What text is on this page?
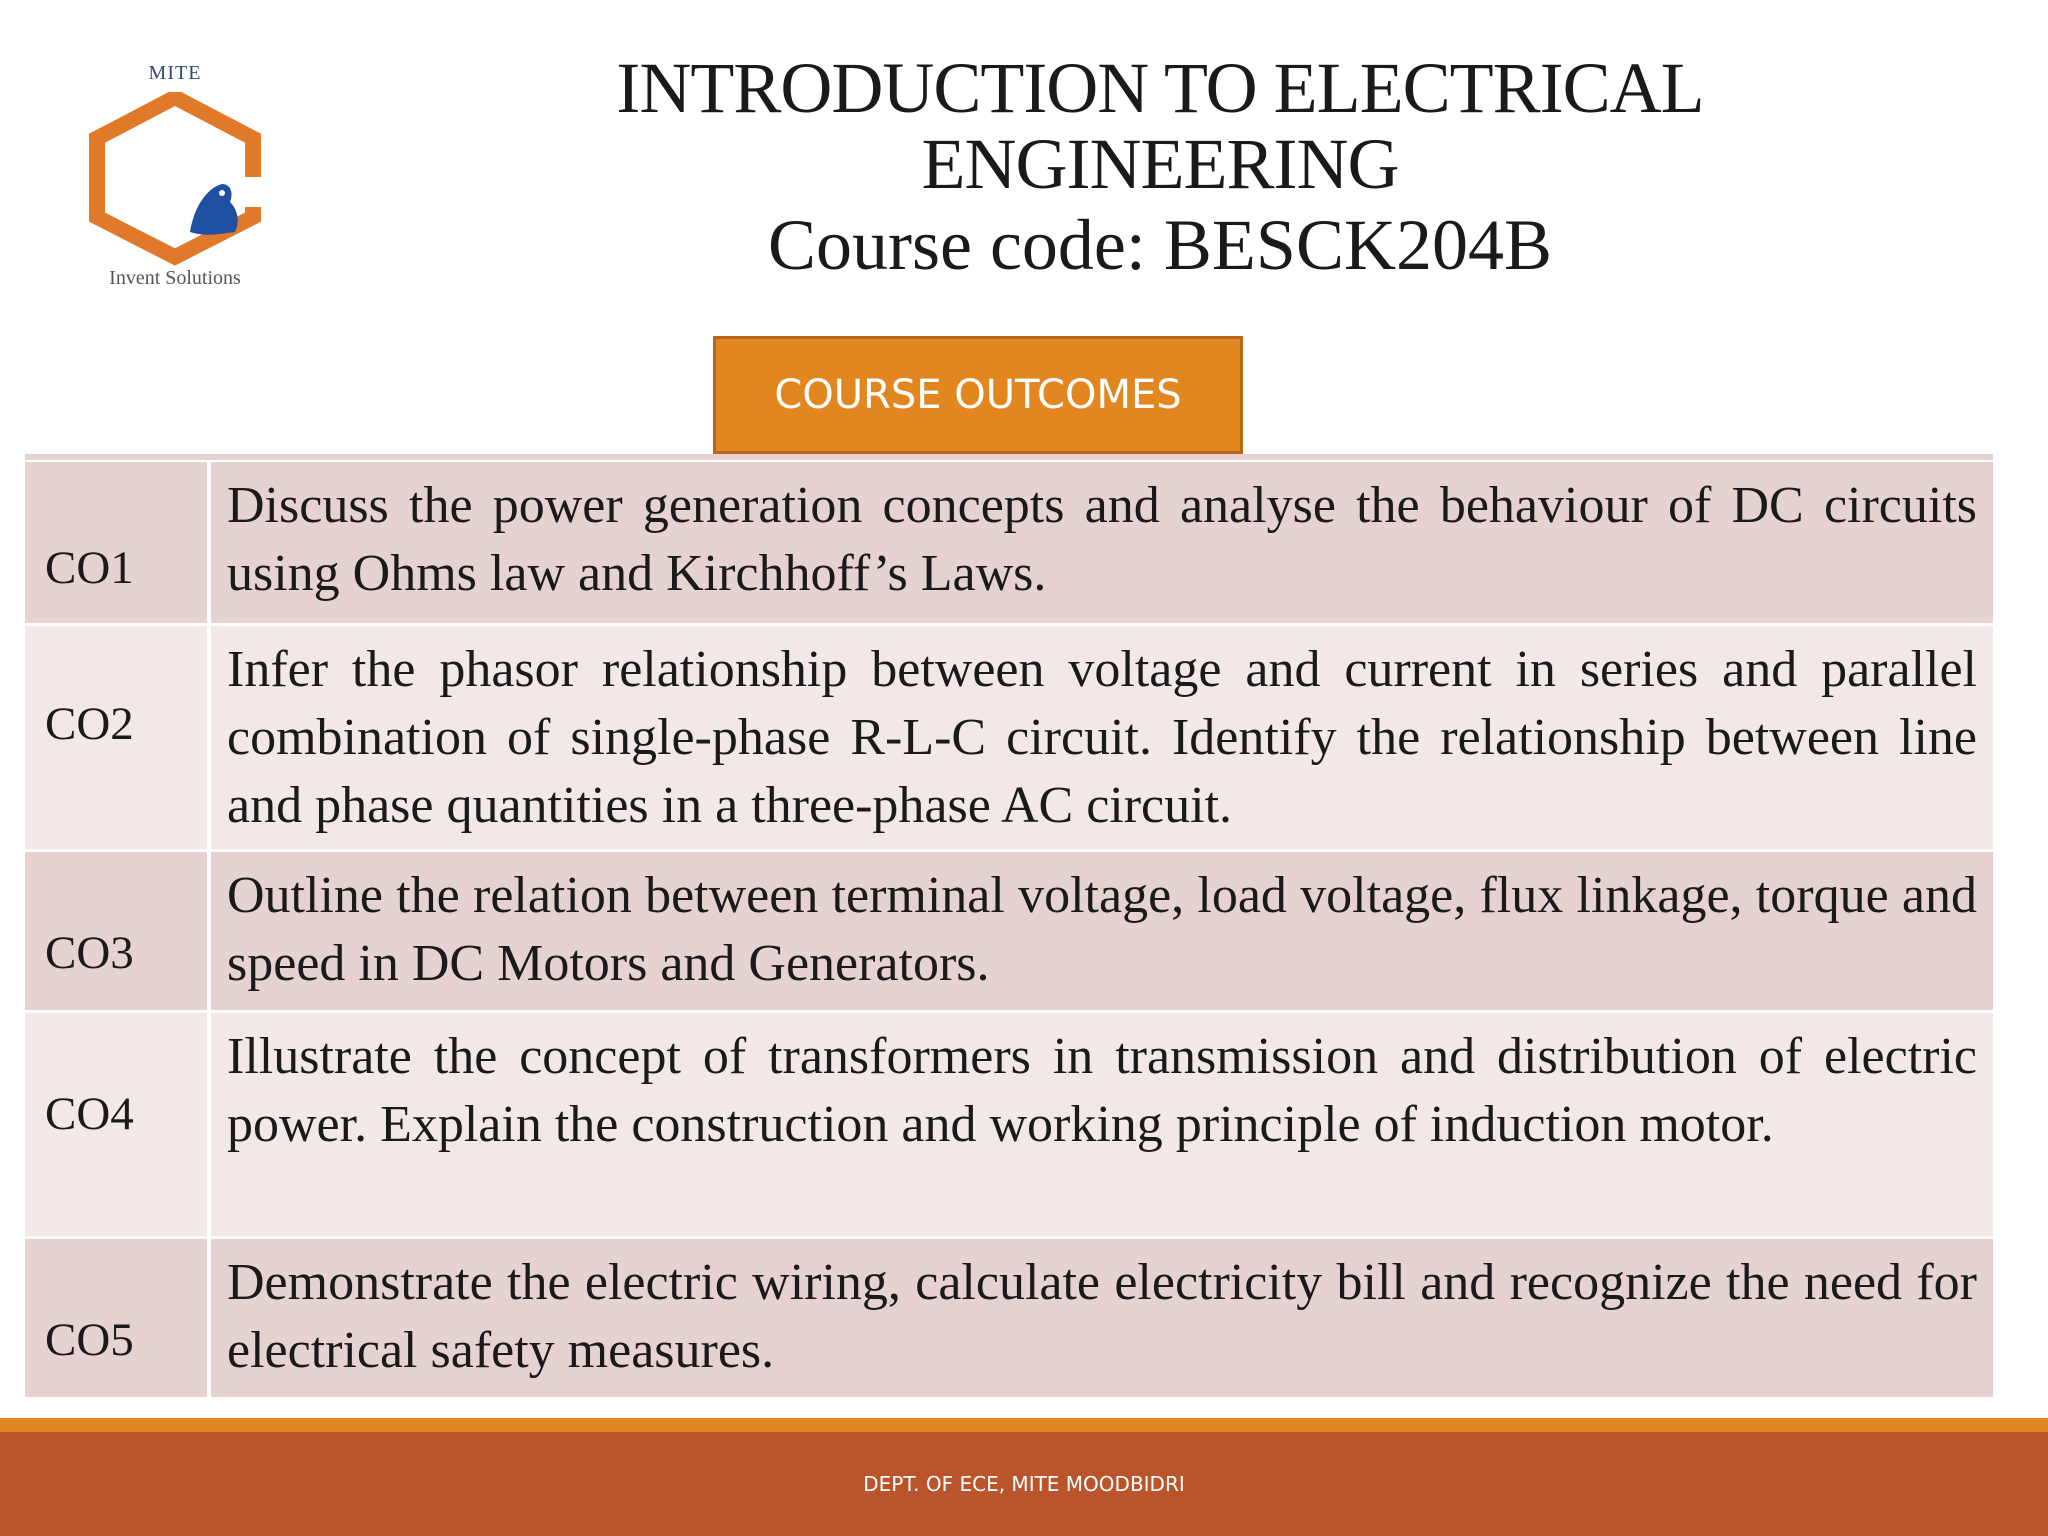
MITE
Invent Solutions
INTRODUCTION TO ELECTRICAL
ENGINEERING
Course code: BESCK204B
COURSE OUTCOMES
CO1
Discuss the power generation concepts and analyse the behaviour of DC circuits using Ohms law and Kirchhoff’s Laws.
CO2
Infer the phasor relationship between voltage and current in series and parallel combination of single-phase R-L-C circuit. Identify the relationship between line and phase quantities in a three-phase AC circuit.
CO3
Outline the relation between terminal voltage, load voltage, flux linkage, torque and speed in DC Motors and Generators.
CO4
Illustrate the concept of transformers in transmission and distribution of electric power. Explain the construction and working principle of induction motor.
CO5
Demonstrate the electric wiring, calculate electricity bill and recognize the need for electrical safety measures.
DEPT. OF ECE, MITE MOODBIDRI
